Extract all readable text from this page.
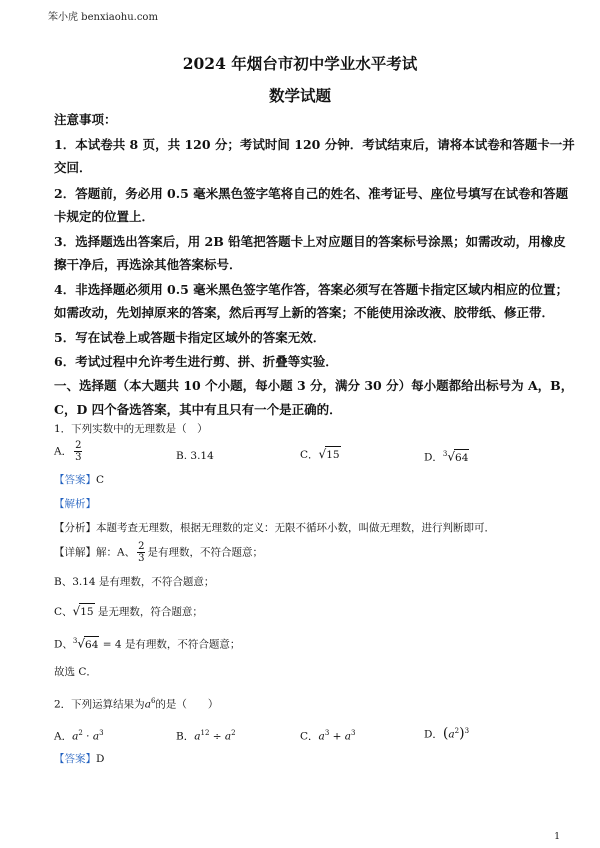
笨小虎 benxiaohu.com
2024 年烟台市初中学业水平考试
数学试题
注意事项：
1．本试卷共 8 页，共 120 分；考试时间 120 分钟．考试结束后，请将本试卷和答题卡一并
交回．
2．答题前，务必用 0.5 毫米黑色签字笔将自己的姓名、准考证号、座位号填写在试卷和答题
卡规定的位置上．
3．选择题选出答案后，用 2B 铅笔把答题卡上对应题目的答案标号涂黑；如需改动，用橡皮
擦干净后，再选涂其他答案标号．
4．非选择题必须用 0.5 毫米黑色签字笔作答，答案必须写在答题卡指定区域内相应的位置；
如需改动，先划掉原来的答案，然后再写上新的答案；不能使用涂改液、胶带纸、修正带．
5．写在试卷上或答题卡指定区域外的答案无效．
6．考试过程中允许考生进行剪、拼、折叠等实验．
一、选择题（本大题共 10 个小题，每小题 3 分，满分 30 分）每小题都给出标号为 A，B，
C，D 四个备选答案，其中有且只有一个是正确的．
1．下列实数中的无理数是（　）
A． $\frac{2}{3}$	B. 3.14	C．√15	D．$^3$√64
【答案】C
【解析】
【分析】本题考查无理数，根据无理数的定义：无限不循环小数，叫做无理数，进行判断即可．
【详解】解：A、 $\frac{2}{3}$ 是有理数，不符合题意；
B、3.14 是有理数，不符合题意；
C、√15 是无理数，符合题意；
D、$^3$√64 = 4 是有理数，不符合题意；
故选 C．
2．下列运算结果为$a^6$的是（　　）
A．$a^2 \cdot a^3$	B．$a^{12} \div a^2$	C．$a^3 + a^3$	D．$(a^2)^3$
【答案】D
1
